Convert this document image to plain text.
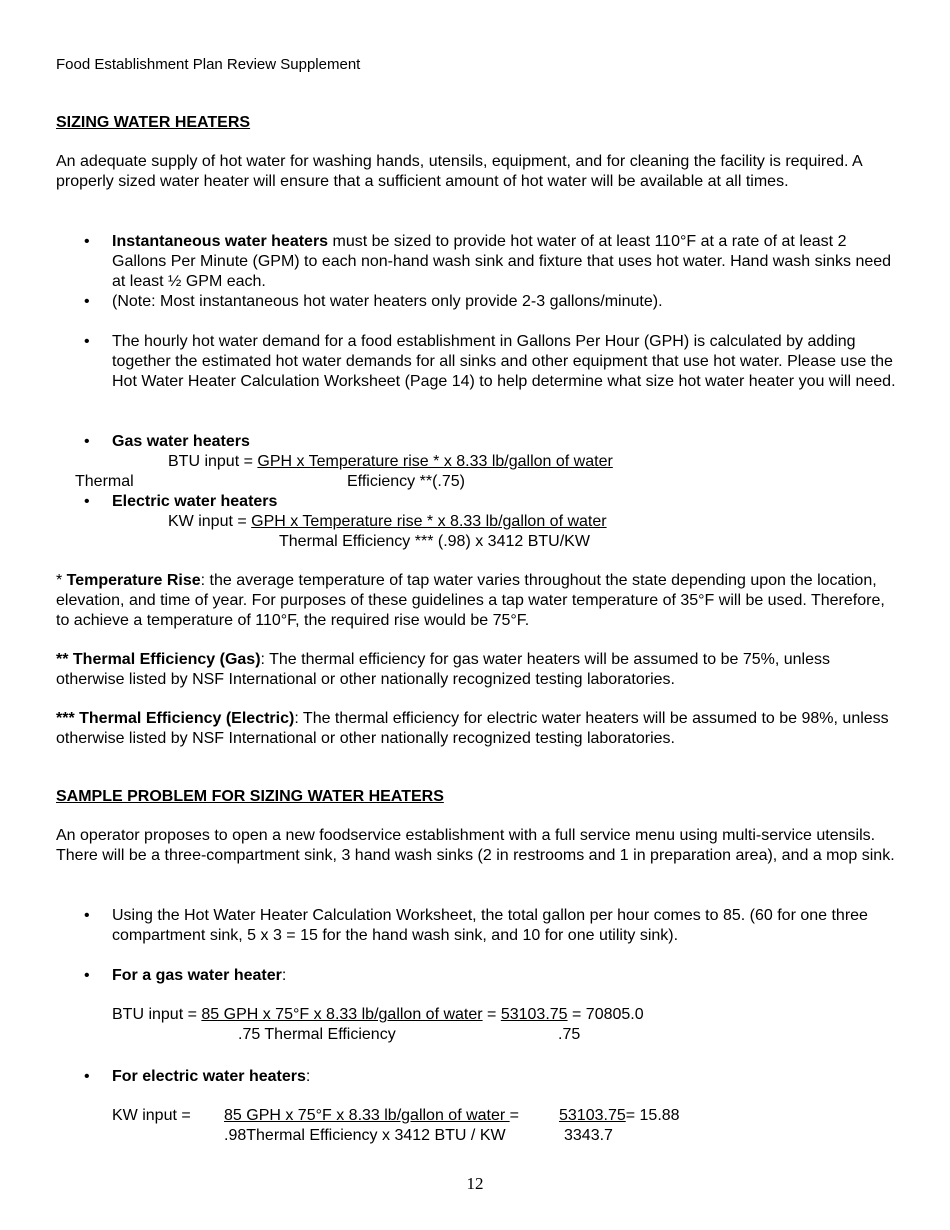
Food Establishment Plan Review Supplement
SIZING WATER HEATERS
An adequate supply of hot water for washing hands, utensils, equipment, and for cleaning the facility is required. A properly sized water heater will ensure that a sufficient amount of hot water will be available at all times.
• Instantaneous water heaters must be sized to provide hot water of at least 110°F at a rate of at least 2 Gallons Per Minute (GPM) to each non-hand wash sink and fixture that uses hot water. Hand wash sinks need at least ½ GPM each.
• (Note: Most instantaneous hot water heaters only provide 2-3 gallons/minute).
• The hourly hot water demand for a food establishment in Gallons Per Hour (GPH) is calculated by adding together the estimated hot water demands for all sinks and other equipment that use hot water. Please use the Hot Water Heater Calculation Worksheet (Page 14) to help determine what size hot water heater you will need.
• Gas water heaters
BTU input = GPH x Temperature rise * x 8.33 lb/gallon of water
Thermal	Efficiency **(.75)
• Electric water heaters
KW input = GPH x Temperature rise * x 8.33 lb/gallon of water
Thermal Efficiency *** (.98) x 3412 BTU/KW
* Temperature Rise: the average temperature of tap water varies throughout the state depending upon the location, elevation, and time of year. For purposes of these guidelines a tap water temperature of 35°F will be used. Therefore, to achieve a temperature of 110°F, the required rise would be 75°F.
** Thermal Efficiency (Gas): The thermal efficiency for gas water heaters will be assumed to be 75%, unless otherwise listed by NSF International or other nationally recognized testing laboratories.
*** Thermal Efficiency (Electric): The thermal efficiency for electric water heaters will be assumed to be 98%, unless otherwise listed by NSF International or other nationally recognized testing laboratories.
SAMPLE PROBLEM FOR SIZING WATER HEATERS
An operator proposes to open a new foodservice establishment with a full service menu using multi-service utensils. There will be a three-compartment sink, 3 hand wash sinks (2 in restrooms and 1 in preparation area), and a mop sink.
• Using the Hot Water Heater Calculation Worksheet, the total gallon per hour comes to 85. (60 for one three compartment sink, 5 x 3 = 15 for the hand wash sink, and 10 for one utility sink).
• For a gas water heater:
BTU input = 85 GPH x 75°F x 8.33 lb/gallon of water = 53103.75 = 70805.0
.75 Thermal Efficiency	.75
• For electric water heaters:
KW input = 85 GPH x 75°F x 8.33 lb/gallon of water =	53103.75= 15.88
.98Thermal Efficiency x 3412 BTU / KW	3343.7
12
